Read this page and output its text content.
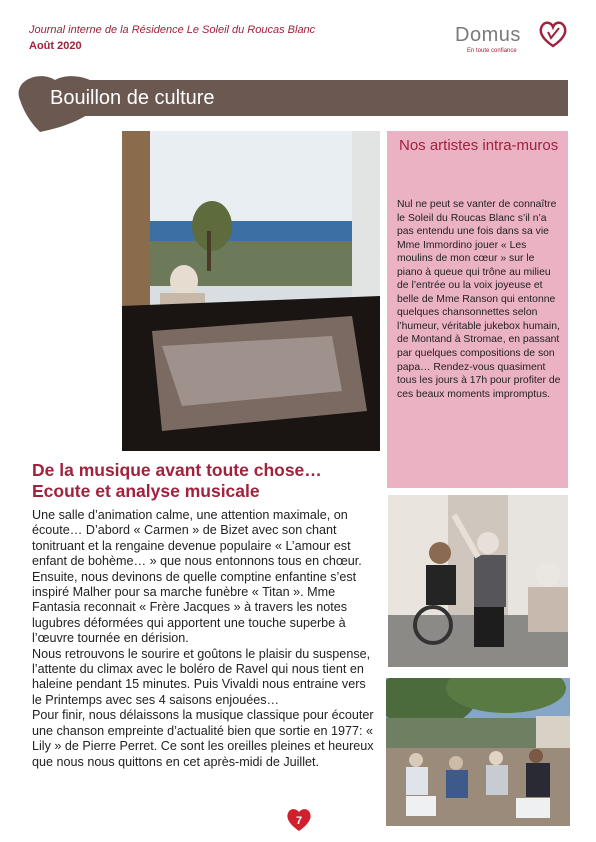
Journal interne de la Résidence Le Soleil du Roucas Blanc
Août 2020	Domus
En toute confiance
Bouillon de culture
Nos artistes intra-muros
Nul ne peut se vanter de connaître le Soleil du Roucas Blanc s’il n’a pas entendu une fois dans sa vie Mme Immordino jouer « Les moulins de mon cœur » sur le piano à queue qui trône au milieu de l’entrée ou la voix joyeuse et belle de Mme Ranson qui entonne quelques chansonnettes selon l’humeur, véritable jukebox humain, de Montand à Stromae, en passant par quelques compositions de son papa… Rendez-vous quasiment tous les jours à 17h pour profiter de ces beaux moments impromptus.
De la musique avant toute chose…
Ecoute et analyse musicale

Une salle d’animation calme, une attention maximale, on écoute… D’abord « Carmen » de Bizet avec son chant tonitruant et la rengaine devenue populaire « L’amour est enfant de bohème… » que nous entonnons tous en chœur. Ensuite, nous devinons de quelle comptine enfantine s’est inspiré Malher pour sa marche funèbre « Titan ». Mme Fantasia reconnait « Frère Jacques » à travers les notes lugubres déformées qui apportent une touche superbe à l’œuvre tournée en dérision.

Nous retrouvons le sourire et goûtons le plaisir du suspense, l’attente du climax avec le boléro de Ravel qui nous tient en haleine pendant 15 minutes. Puis Vivaldi nous entraine vers le Printemps avec ses 4 saisons enjouées…

Pour finir, nous délaissons la musique classique pour écouter une chanson empreinte d’actualité bien que sortie en 1977: « Lily » de Pierre Perret. Ce sont les oreilles pleines et heureux que nous nous quittons en cet après-midi de Juillet.

7
